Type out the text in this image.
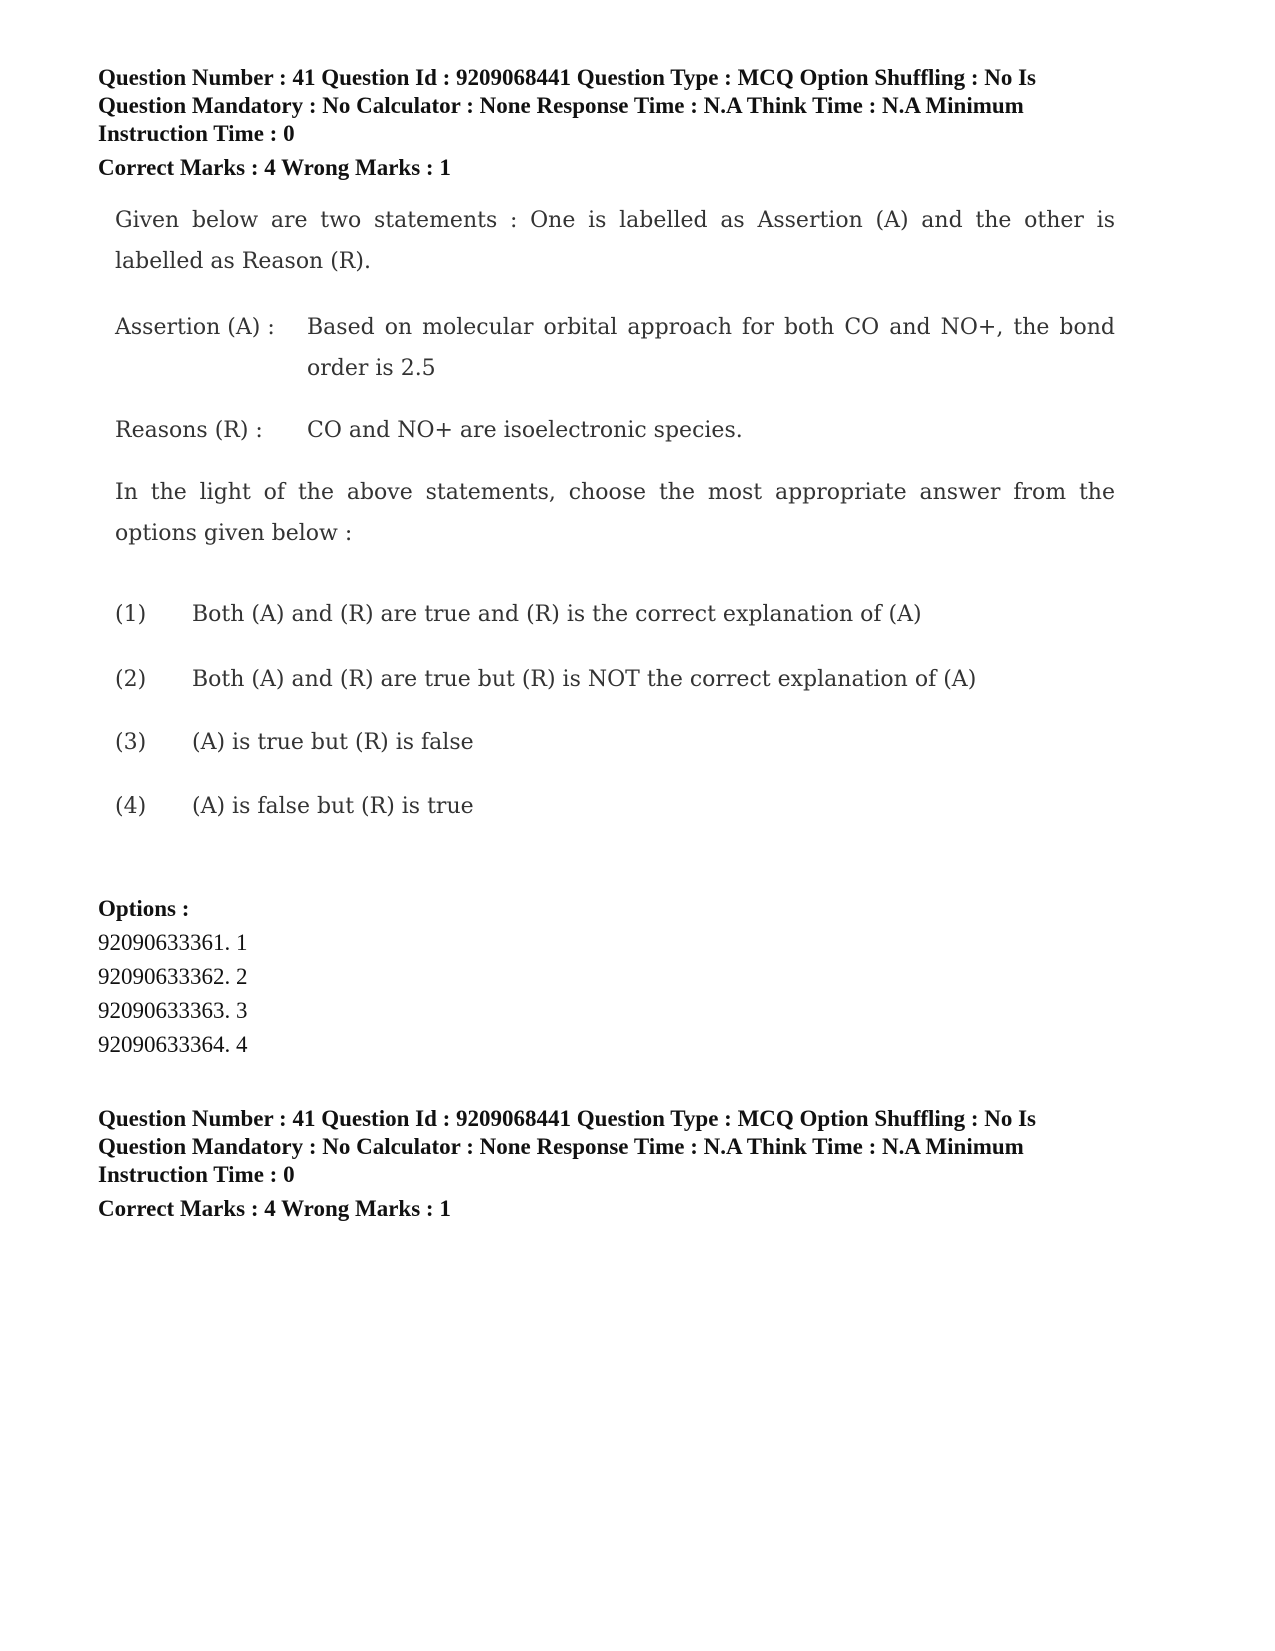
Question Number : 41 Question Id : 9209068441 Question Type : MCQ Option Shuffling : No Is

Question Mandatory : No Calculator : None Response Time : N.A Think Time : N.A Minimum

Instruction Time : 0

Correct Marks : 4 Wrong Marks : 1

Given below are two statements : One is labelled as Assertion (A) and the other is labelled as Reason (R).

Assertion (A) : Based on molecular orbital approach for both CO and NO+, the bond order is 2.5
Reasons (R) : CO and NO+ are isoelectronic species.

In the light of the above statements, choose the most appropriate answer from the options given below :

(1) Both (A) and (R) are true and (R) is the correct explanation of (A)
(2) Both (A) and (R) are true but (R) is NOT the correct explanation of (A)
(3) (A) is true but (R) is false
(4) (A) is false but (R) is true
Options :
92090633361. 1
92090633362. 2
92090633363. 3
92090633364. 4

Question Number : 41 Question Id : 9209068441 Question Type : MCQ Option Shuffling : No Is

Question Mandatory : No Calculator : None Response Time : N.A Think Time : N.A Minimum

Instruction Time : 0

Correct Marks : 4 Wrong Marks : 1
